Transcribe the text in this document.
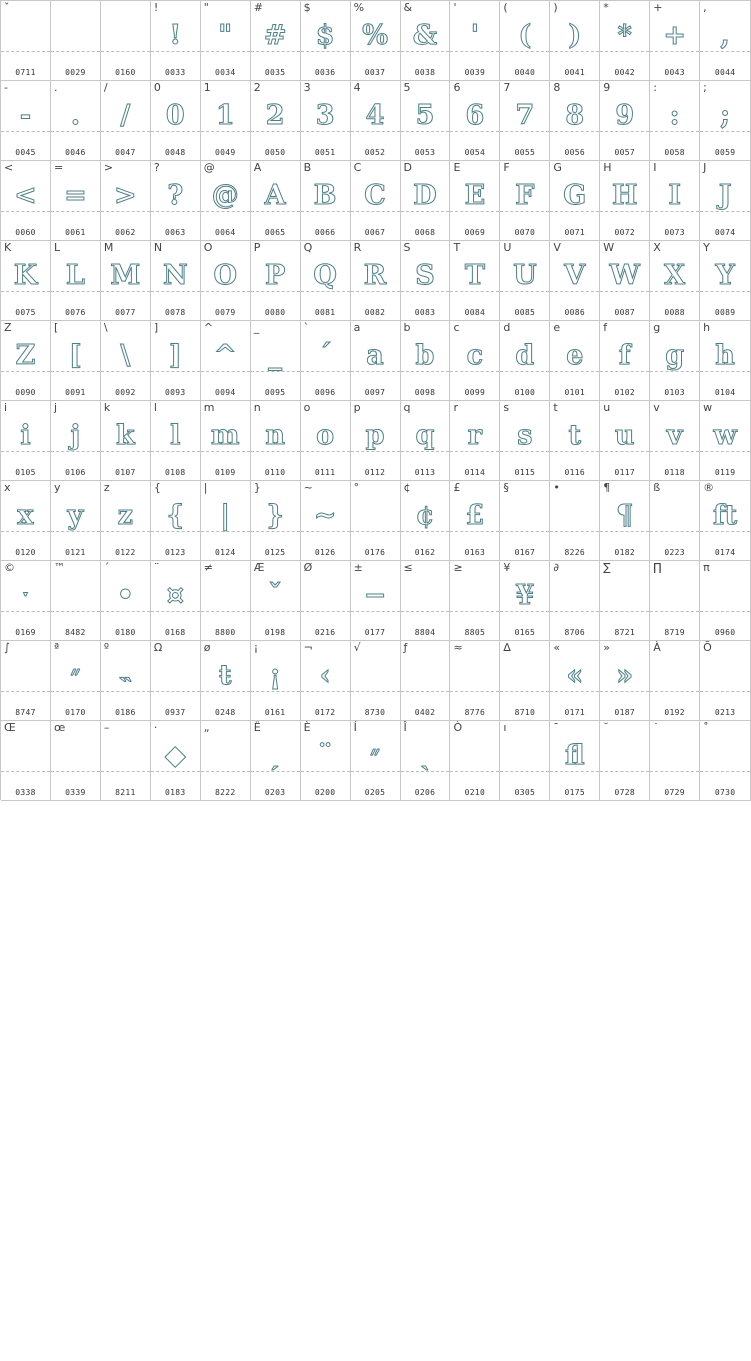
ˇ
0711	0029	0160
!
!
0033
"
"
0034
#
#
0035
$
$
0036
%
%
0037
&
&
0038
'
'
0039
(
(
0040
)
)
0041
*
*
0042
+
+
0043
,
,
0044
-
-
0045
.
.
0046
/
/
0047
0
0
0048
1
1
0049
2
2
0050
3
3
0051
4
4
0052
5
5
0053
6
6
0054
7
7
0055
8
8
0056
9
9
0057
:
:
0058
;
;
0059
<
<
0060
=
=
0061
>
>
0062
?
?
0063
@
@
0064
A
A
0065
B
B
0066
C
C
0067
D
D
0068
E
E
0069
F
F
0070
G
G
0071
H
H
0072
I
I
0073
J
J
0074
K
K
0075
L
L
0076
M
M
0077
N
N
0078
O
O
0079
P
P
0080
Q
Q
0081
R
R
0082
S
S
0083
T
T
0084
U
U
0085
V
V
0086
W
W
0087
X
X
0088
Y
Y
0089
Z
Z
0090
[
[
0091
\
\
0092
]
]
0093
^
^
0094
_
_
0095
`
´
0096
a
a
0097
b
b
0098
c
c
0099
d
d
0100
e
e
0101
f
f
0102
g
g
0103
h
h
0104
i
i
0105
j
j
0106
k
k
0107
l
l
0108
m
m
0109
n
n
0110
o
o
0111
p
p
0112
q
q
0113
r
r
0114
s
s
0115
t
t
0116
u
u
0117
v
v
0118
w
w
0119
x
x
0120
y
y
0121
z
z
0122
{
{
0123
|
|
0124
}
}
0125
~
~
0126
°
0176
¢
¢
0162
£
£
0163
§
0167
•
8226
¶
¶
0182
ß
0223
®
ft
0174
©
ˑ
0169
™
8482
´
•
0180
¨
¤
0168
≠
8800
Æ
ˇ
0198
Ø
0216
±
−
0177
≤
8804
≥
8805
¥
¥
0165
∂
8706
∑
8721
∏
8719
π
0960
∫
8747
ª
״
0170
º
˵
0186
Ω
0937
ø
ŧ
0248
¡
¡
0161
¬
‹
0172
√
8730
ƒ
0402
≈
8776
∆
8710
«
«
0171
»
»
0187
À
0192
Õ
0213
Œ
0338
œ
0339
–
8211
·
◆
0183
„
8222
Ë
ˏ
0203
È
¨
0200
Í
״
0205
Î
ˎ
0206
Ò
0210
ı
0305
¯
fl
0175
˘
0728
˙
0729
˚
0730
